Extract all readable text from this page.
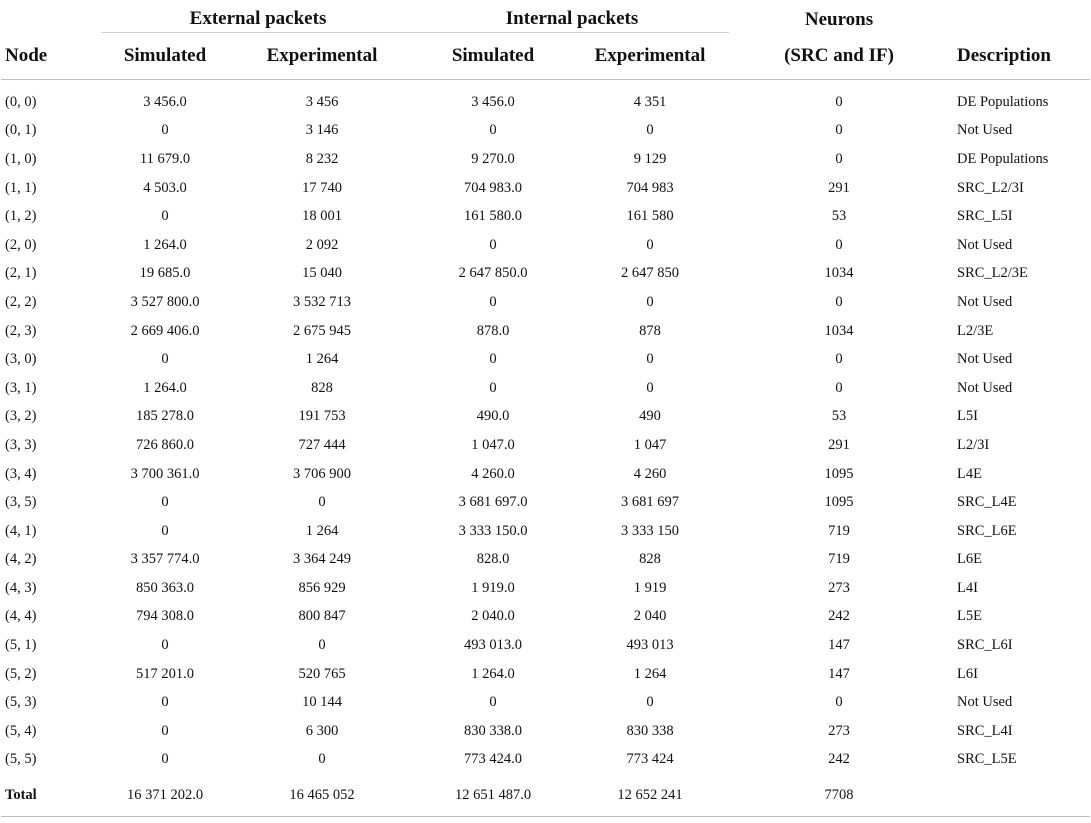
	External packets		Internal packets		Neurons	
Node	Simulated	Experimental	Simulated	Experimental	(SRC and IF)	Description
(0, 0)	3 456.0	3 456	3 456.0	4 351	0	DE Populations
(0, 1)	0	3 146	0	0	0	Not Used
(1, 0)	11 679.0	8 232	9 270.0	9 129	0	DE Populations
(1, 1)	4 503.0	17 740	704 983.0	704 983	291	SRC_L2/3I
(1, 2)	0	18 001	161 580.0	161 580	53	SRC_L5I
(2, 0)	1 264.0	2 092	0	0	0	Not Used
(2, 1)	19 685.0	15 040	2 647 850.0	2 647 850	1034	SRC_L2/3E
(2, 2)	3 527 800.0	3 532 713	0	0	0	Not Used
(2, 3)	2 669 406.0	2 675 945	878.0	878	1034	L2/3E
(3, 0)	0	1 264	0	0	0	Not Used
(3, 1)	1 264.0	828	0	0	0	Not Used
(3, 2)	185 278.0	191 753	490.0	490	53	L5I
(3, 3)	726 860.0	727 444	1 047.0	1 047	291	L2/3I
(3, 4)	3 700 361.0	3 706 900	4 260.0	4 260	1095	L4E
(3, 5)	0	0	3 681 697.0	3 681 697	1095	SRC_L4E
(4, 1)	0	1 264	3 333 150.0	3 333 150	719	SRC_L6E
(4, 2)	3 357 774.0	3 364 249	828.0	828	719	L6E
(4, 3)	850 363.0	856 929	1 919.0	1 919	273	L4I
(4, 4)	794 308.0	800 847	2 040.0	2 040	242	L5E
(5, 1)	0	0	493 013.0	493 013	147	SRC_L6I
(5, 2)	517 201.0	520 765	1 264.0	1 264	147	L6I
(5, 3)	0	10 144	0	0	0	Not Used
(5, 4)	0	6 300	830 338.0	830 338	273	SRC_L4I
(5, 5)	0	0	773 424.0	773 424	242	SRC_L5E
Total	16 371 202.0	16 465 052	12 651 487.0	12 652 241	7708	
